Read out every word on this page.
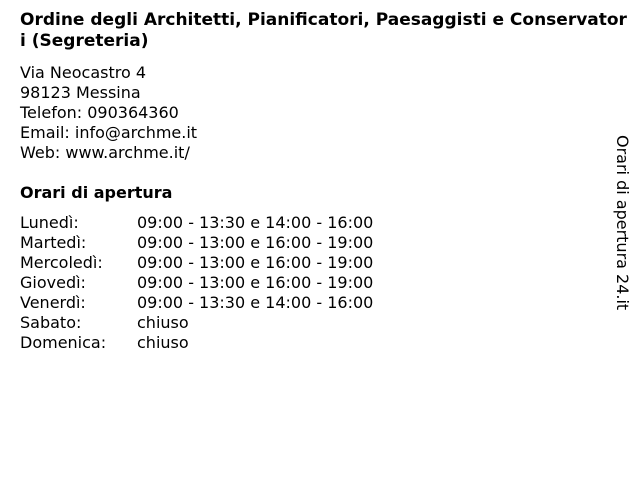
Ordine degli Architetti, Pianificatori, Paesaggisti e Conservatori (Segreteria)
Via Neocastro 4
98123 Messina
Telefon: 090364360
Email: info@archme.it
Web: www.archme.it/
Orari di apertura
Lunedì:	09:00 - 13:30 e 14:00 - 16:00
Martedì:	09:00 - 13:00 e 16:00 - 19:00
Mercoledì:	09:00 - 13:00 e 16:00 - 19:00
Giovedì:	09:00 - 13:00 e 16:00 - 19:00
Venerdì:	09:00 - 13:30 e 14:00 - 16:00
Sabato:	chiuso
Domenica:	chiuso
Orari di apertura 24.it
